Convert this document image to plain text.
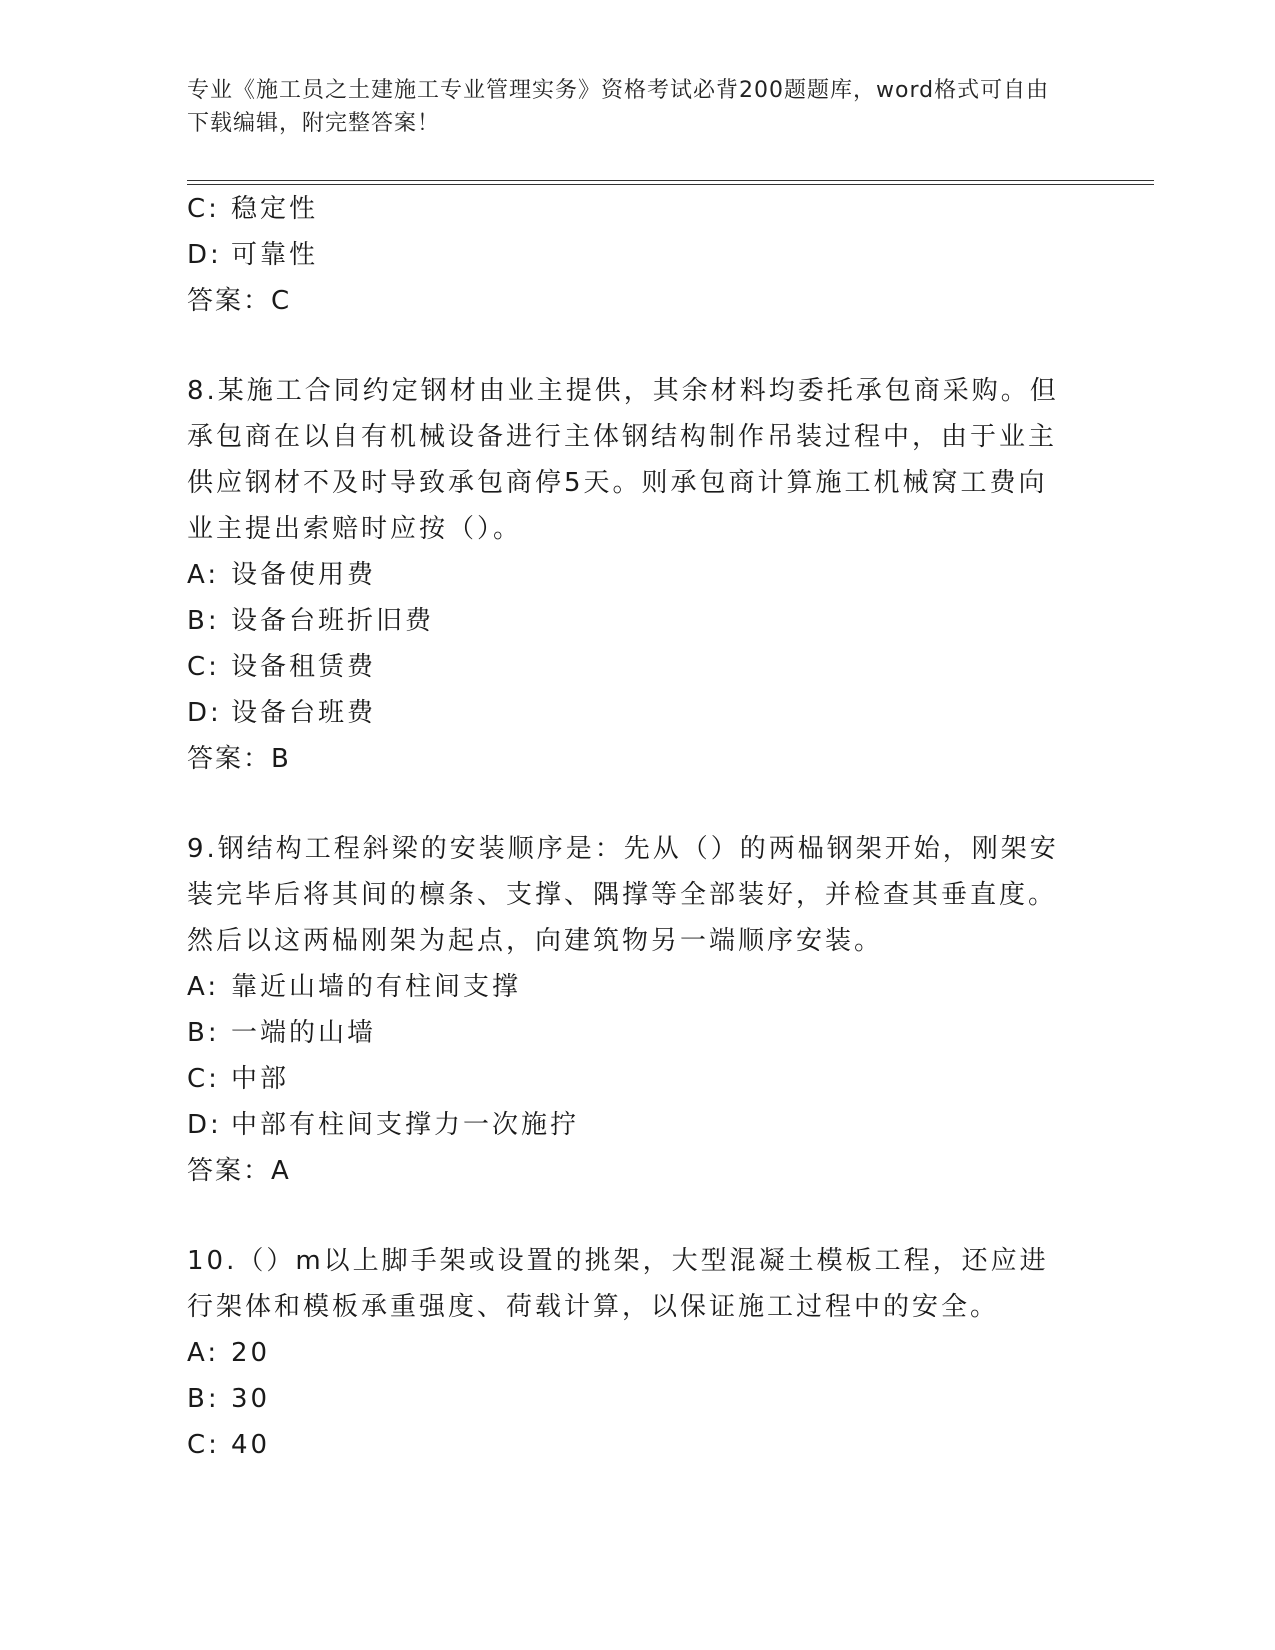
专业《施工员之土建施工专业管理实务》资格考试必背200题题库，word格式可自由下载编辑，附完整答案！
C: 稳定性
D: 可靠性
答案：C
8.某施工合同约定钢材由业主提供，其余材料均委托承包商采购。但承包商在以自有机械设备进行主体钢结构制作吊装过程中，由于业主供应钢材不及时导致承包商停5天。则承包商计算施工机械窝工费向业主提出索赔时应按（）。
A: 设备使用费
B: 设备台班折旧费
C: 设备租赁费
D: 设备台班费
答案：B
9.钢结构工程斜梁的安装顺序是：先从（）的两榀钢架开始，刚架安装完毕后将其间的檩条、支撑、隅撑等全部装好，并检查其垂直度。然后以这两榀刚架为起点，向建筑物另一端顺序安装。
A: 靠近山墙的有柱间支撑
B: 一端的山墙
C: 中部
D: 中部有柱间支撑力一次施拧
答案：A
10.（）m以上脚手架或设置的挑架，大型混凝土模板工程，还应进行架体和模板承重强度、荷载计算，以保证施工过程中的安全。
A: 20
B: 30
C: 40
